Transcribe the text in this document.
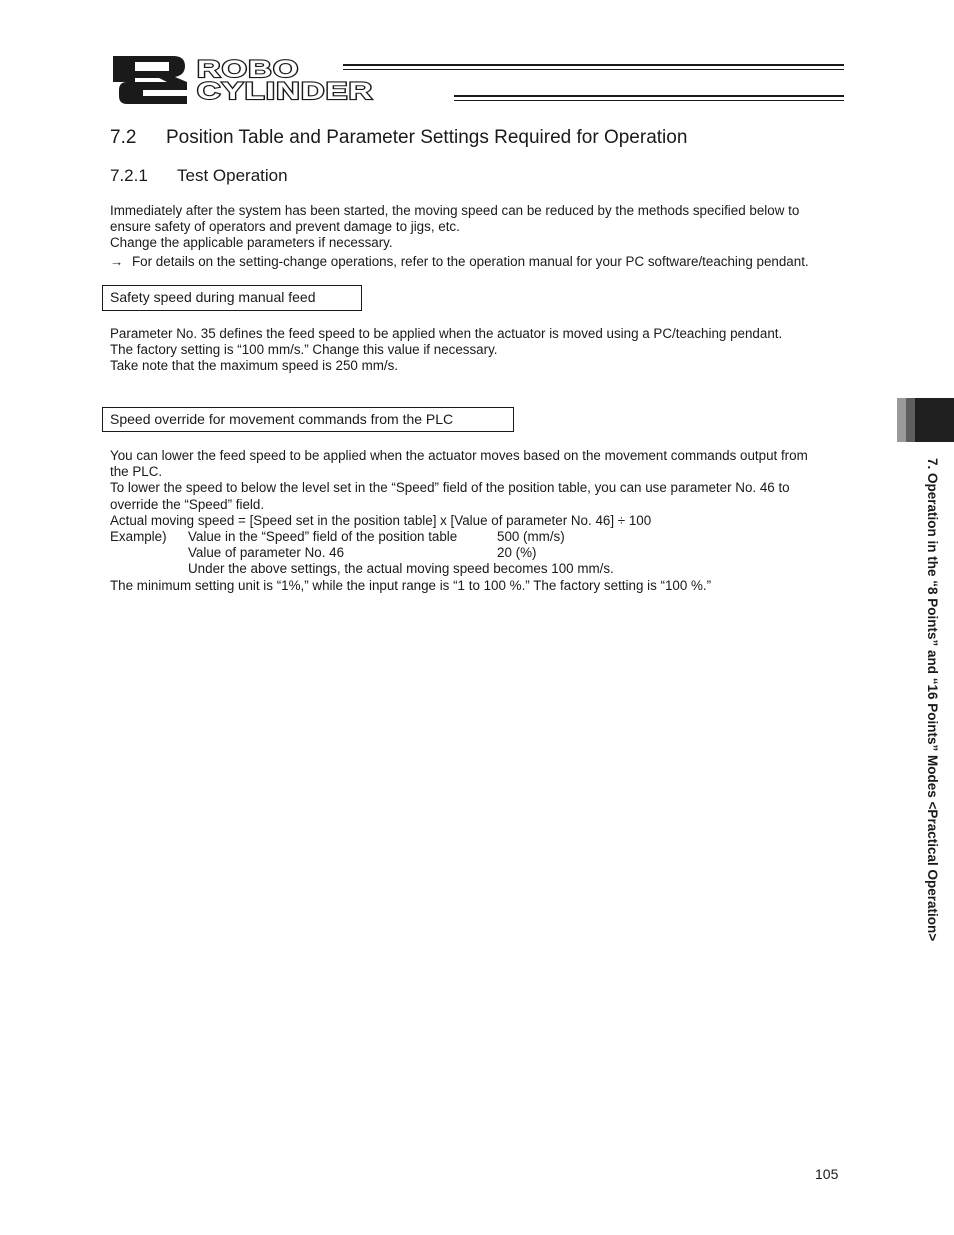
ROBO
CYLINDER
7.2 Position Table and Parameter Settings Required for Operation
7.2.1 Test Operation
Immediately after the system has been started, the moving speed can be reduced by the methods specified below to
ensure safety of operators and prevent damage to jigs, etc.
Change the applicable parameters if necessary.
→ For details on the setting-change operations, refer to the operation manual for your PC software/teaching pendant.
Safety speed during manual feed
Parameter No. 35 defines the feed speed to be applied when the actuator is moved using a PC/teaching pendant.
The factory setting is “100 mm/s.” Change this value if necessary.
Take note that the maximum speed is 250 mm/s.
Speed override for movement commands from the PLC
You can lower the feed speed to be applied when the actuator moves based on the movement commands output from
the PLC.
To lower the speed to below the level set in the “Speed” field of the position table, you can use parameter No. 46 to
override the “Speed” field.
Actual moving speed = [Speed set in the position table] x [Value of parameter No. 46] ÷ 100
Example) Value in the “Speed” field of the position table	500 (mm/s)
Value of parameter No. 46	20 (%)
Under the above settings, the actual moving speed becomes 100 mm/s.
The minimum setting unit is “1%,” while the input range is “1 to 100 %.” The factory setting is “100 %.”	7. Operation in the “8 Points” and “16 Points” Modes <Practical Operation>
105
